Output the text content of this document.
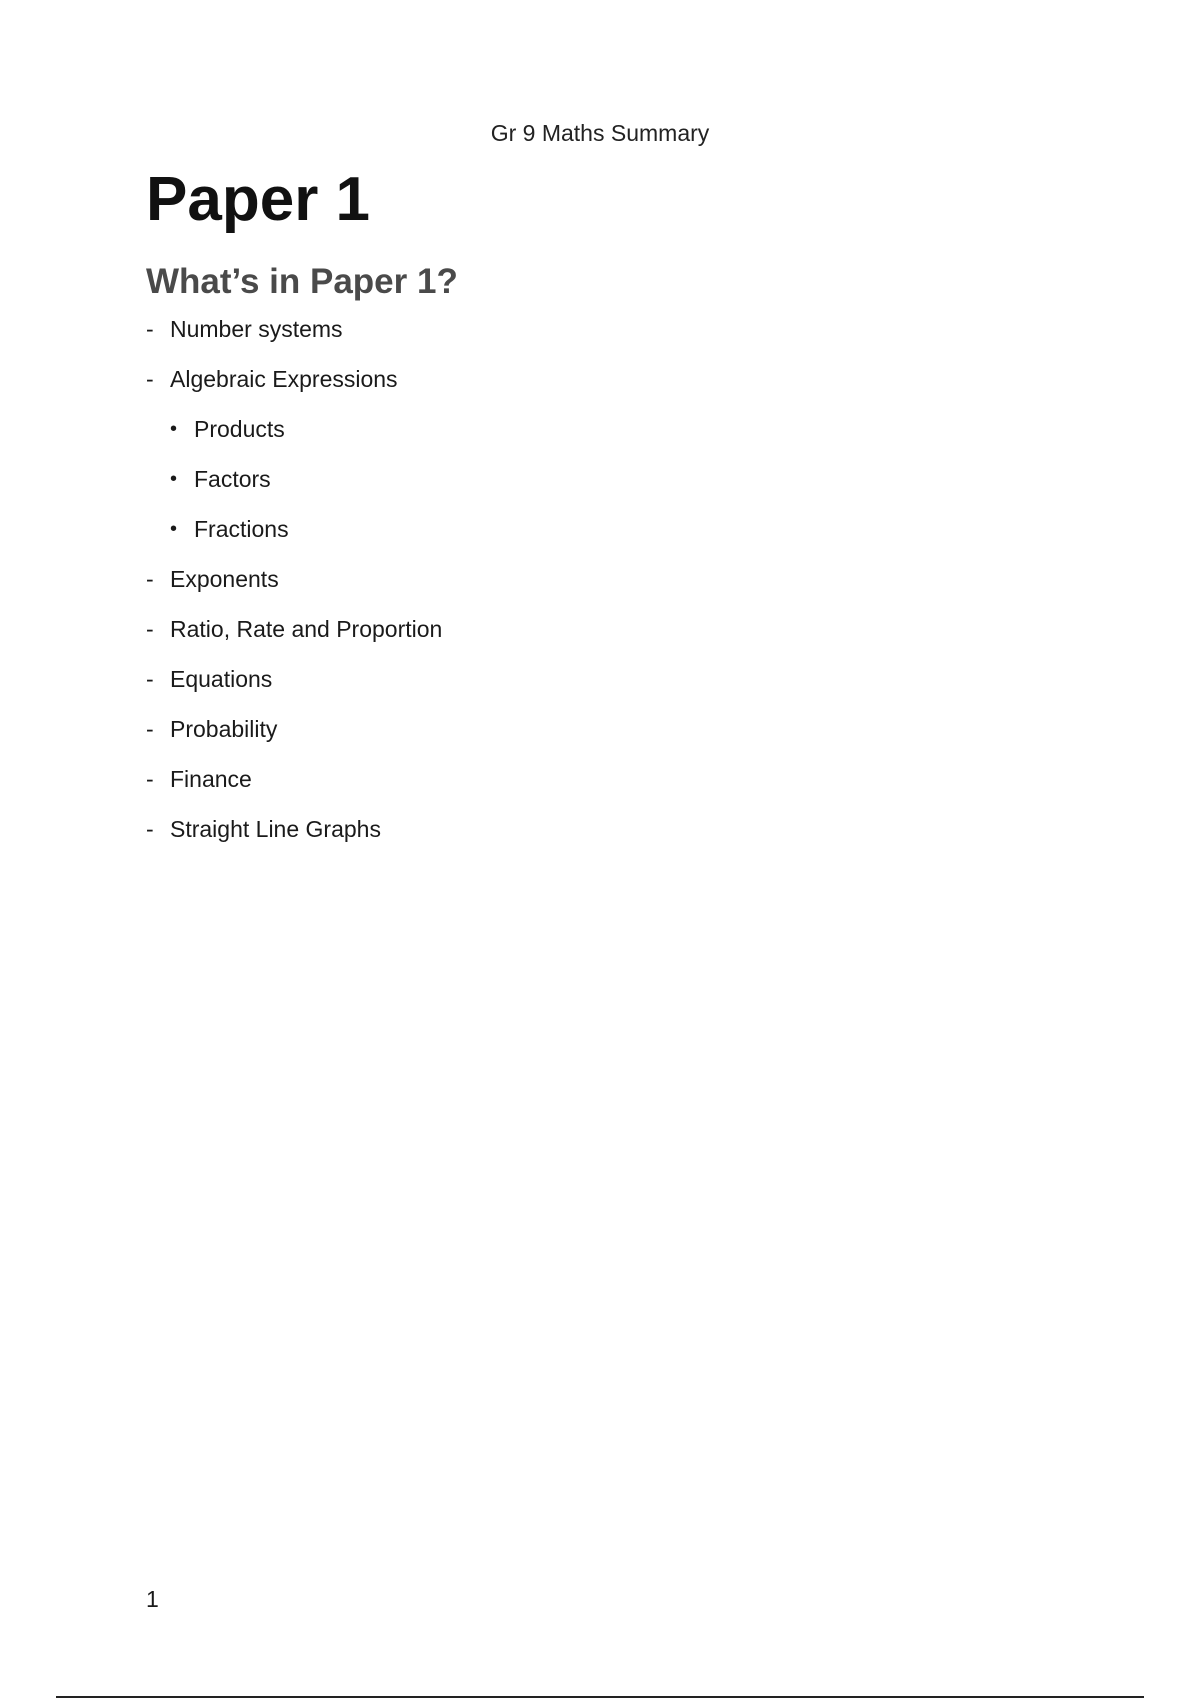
Gr 9 Maths Summary
Paper 1
What’s in Paper 1?
- Number systems
- Algebraic Expressions
• Products
• Factors
• Fractions
- Exponents
- Ratio, Rate and Proportion
- Equations
- Probability
- Finance
- Straight Line Graphs
1
